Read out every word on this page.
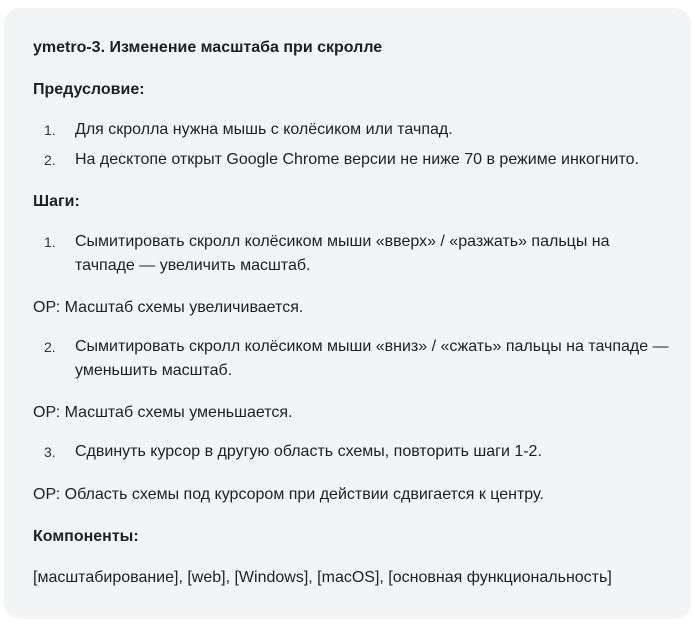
ymetro-3. Изменение масштаба при скролле
Предусловие:
1.	Для скролла нужна мышь с колёсиком или тачпад.
2.	На десктопе открыт Google Chrome версии не ниже 70 в режиме инкогнито.
Шаги:
1.	Сымитировать скролл колёсиком мыши «вверх» / «разжать» пальцы на тачпаде — увеличить масштаб.
ОР: Масштаб схемы увеличивается.
2.	Сымитировать скролл колёсиком мыши «вниз» / «сжать» пальцы на тачпаде — уменьшить масштаб.
ОР: Масштаб схемы уменьшается.
3.	Сдвинуть курсор в другую область схемы, повторить шаги 1-2.
ОР: Область схемы под курсором при действии сдвигается к центру.
Компоненты:
[масштабирование], [web], [Windows], [macOS], [основная функциональность]
